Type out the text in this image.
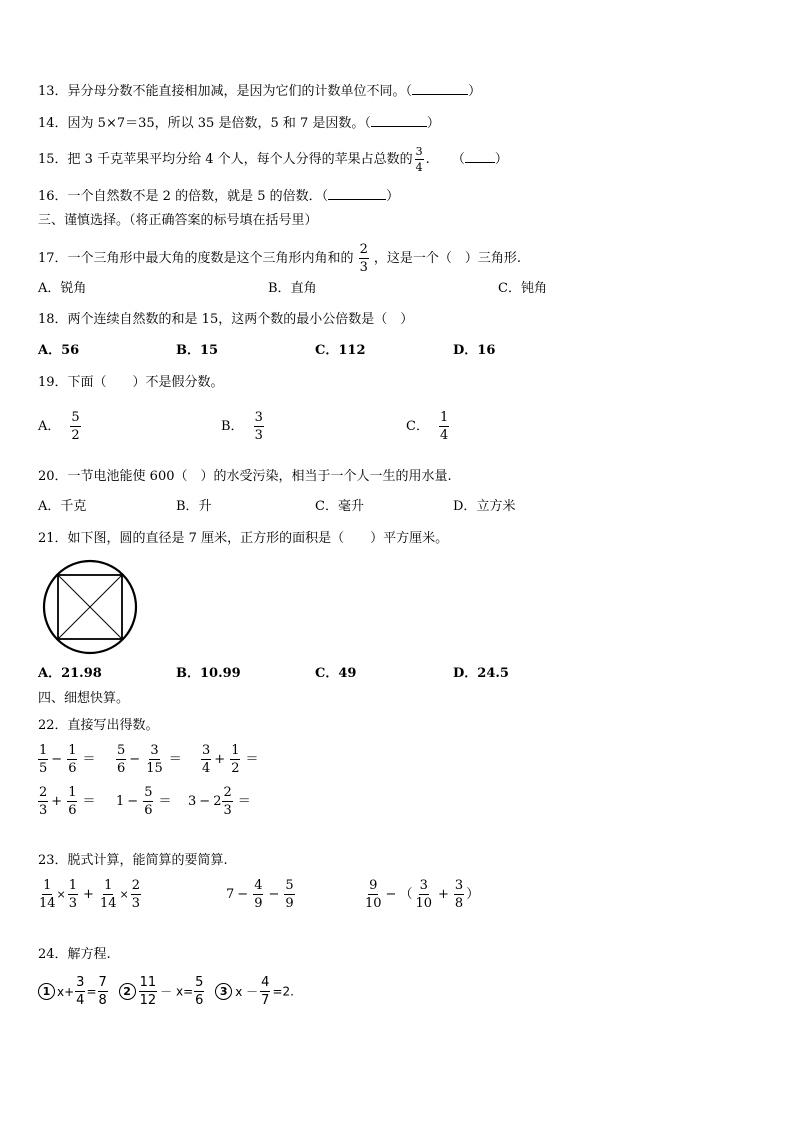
13．异分母分数不能直接相加减，是因为它们的计数单位不同。（	）
14．因为 5×7＝35，所以 35 是倍数，5 和 7 是因数。（	）
15．把 3 千克苹果平均分给 4 个人，每个人分得的苹果占总数的 $\frac{3}{4}$ . （ ）
16．一个自然数不是 2 的倍数，就是 5 的倍数．（	）
三、谨慎选择。（将正确答案的标号填在括号里）
17．一个三角形中最大角的度数是这个三角形内角和的 $\frac{2}{3}$ ，这是一个（　）三角形.
A．锐角	B．直角	C．钝角
18．两个连续自然数的和是 15，这两个数的最小公倍数是（　）
A．56	B．15	C．112	D．16
19．下面（　　）不是假分数。
A． $\frac{5}{2}$	B． $\frac{3}{3}$	C． $\frac{1}{4}$
20．一节电池能使 600（　）的水受污染，相当于一个人一生的用水量.
A．千克	B．升	C．毫升	D．立方米
21．如下图，圆的直径是 7 厘米，正方形的面积是（　　）平方厘米。
A．21.98	B．10.99	C．49	D．24.5
四、细想快算。
22．直接写出得数。
$\frac{1}{5} - \frac{1}{6} = \frac{5}{6} - \frac{3}{15} = \frac{3}{4} + \frac{1}{2}$ ＝
$\frac{2}{3} + \frac{1}{6} = 1 - \frac{5}{6} = 3 - 2 \frac{2}{3}$ ＝
23．脱式计算，能简算的要简算.
$\frac{1}{14} \times \frac{1}{3} + \frac{1}{14} \times \frac{2}{3}$	$7 - \frac{4}{9} - \frac{5}{9}$	$\frac{9}{10}$ − （ $\frac{3}{10} + \frac{3}{8}$ ）
24．解方程.
1 $x+ \frac{3}{4} = \frac{7}{8} 2 \frac{11}{12} - x= \frac{5}{6} 3$ $x - \frac{4}{7} =2$.
